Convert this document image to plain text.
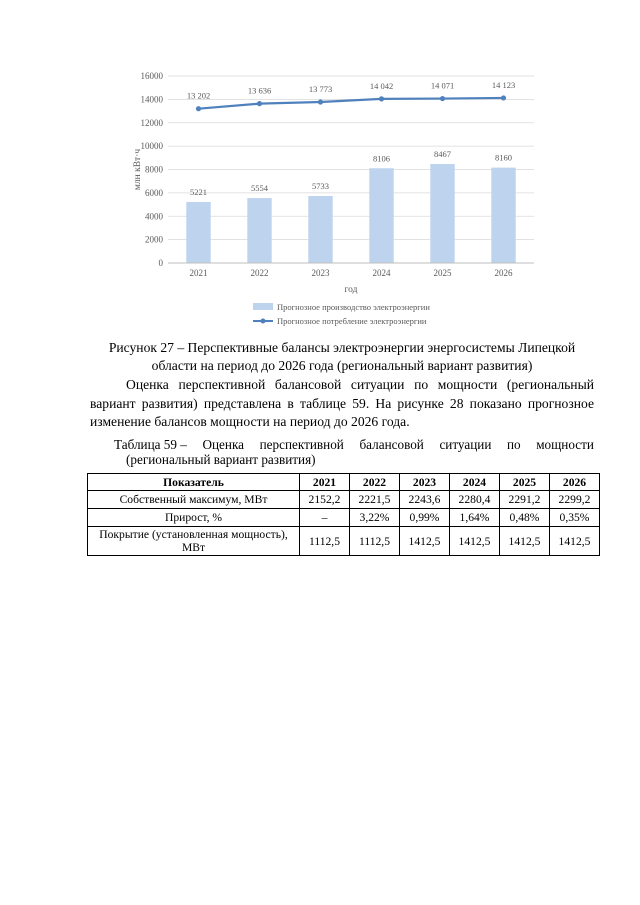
0
2000
4000
6000
8000
10000
12000
14000
16000
млн кВт·ч
5221	5554	5733
8106	8467	8160
2021	2022	2023	2024	2025	2026
год
13 202
13 636	13 773	14 042	14 071	14 123
Прогнозное производство электроэнергии
Прогнозное потребление электроэнергии
Рисунок 27 – Перспективные балансы электроэнергии энергосистемы Липецкой области на период до 2026 года (региональный вариант развития)
Оценка перспективной балансовой ситуации по мощности (региональный вариант развития) представлена в таблице 59. На рисунке 28 показано прогнозное изменение балансов мощности на период до 2026 года.
Таблица 59 – Оценка перспективной балансовой ситуации по мощности
(региональный вариант развития)
Показатель	2021	2022	2023	2024	2025	2026
Собственный максимум, МВт	2152,2	2221,5	2243,6	2280,4	2291,2	2299,2
Прирост, %	–	3,22%	0,99%	1,64%	0,48%	0,35%
Покрытие (установленная мощность), МВт	1112,5	1112,5	1412,5	1412,5	1412,5	1412,5
